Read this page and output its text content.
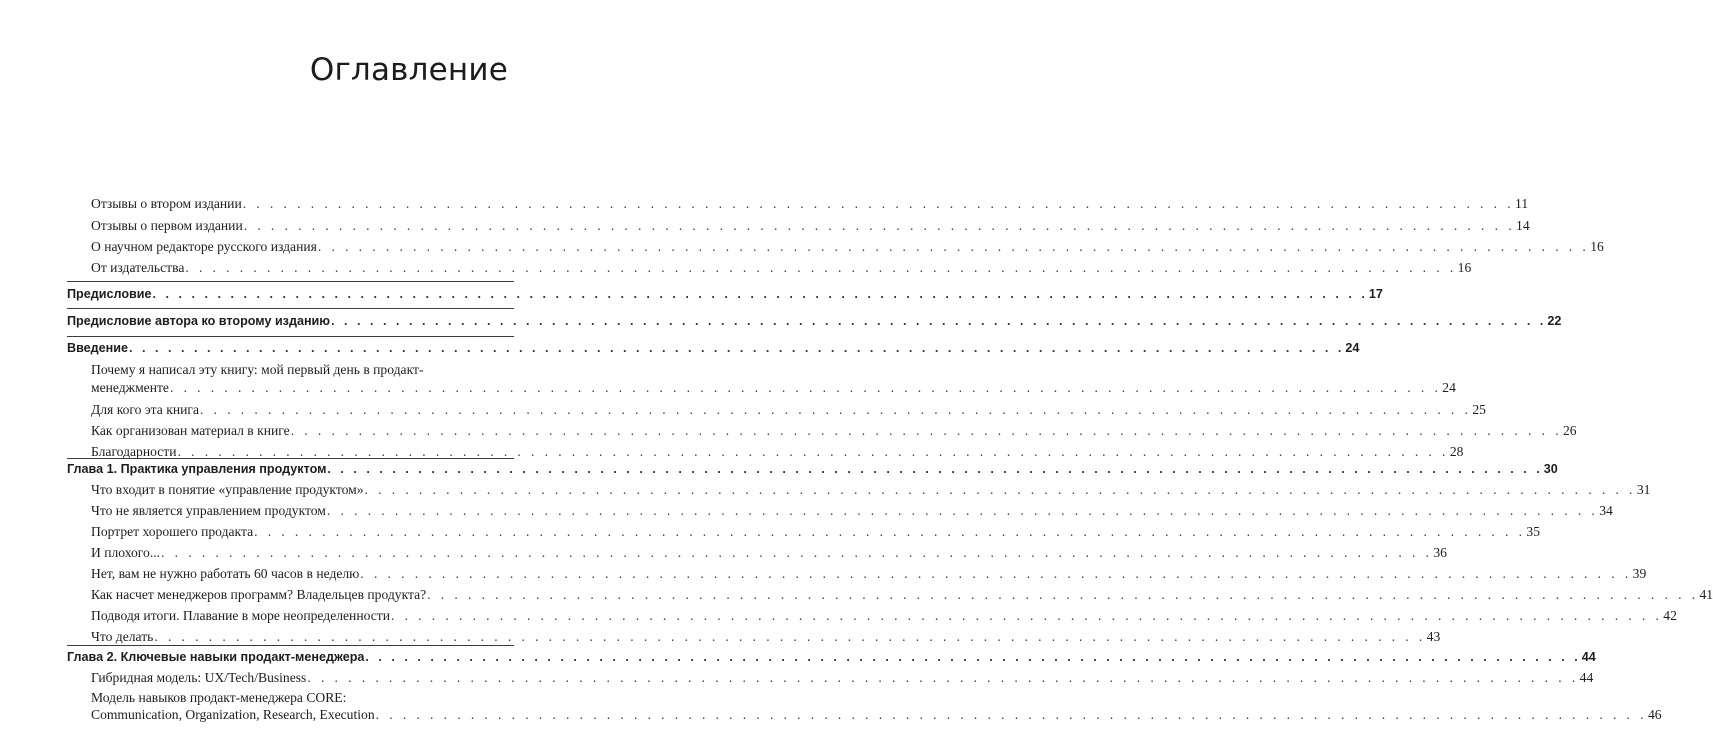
Оглавление
Отзывы о втором издании . . . . . . . . . . . . . . . . . . . . . . . . . . . . . . . . . . . . . . . . . . . . . . . . . . . . . . . . . . . . . . . . . . . . . . . . . . . . . . . . . . . . . . . . . . . . . . 11
Отзывы о первом издании . . . . . . . . . . . . . . . . . . . . . . . . . . . . . . . . . . . . . . . . . . . . . . . . . . . . . . . . . . . . . . . . . . . . . . . . . . . . . . . . . . . . . . . . . . . . . . 14
О научном редакторе русского издания . . . . . . . . . . . . . . . . . . . . . . . . . . . . . . . . . . . . . . . . . . . . . . . . . . . . . . . . . . . . . . . . . . . . . . . . . . . . . . . . . . . . . . . . . . . . . . 16
От издательства . . . . . . . . . . . . . . . . . . . . . . . . . . . . . . . . . . . . . . . . . . . . . . . . . . . . . . . . . . . . . . . . . . . . . . . . . . . . . . . . . . . . . . . . . . . . . . 16
Предисловие . . . . . . . . . . . . . . . . . . . . . . . . . . . . . . . . . . . . . . . . . . . . . . . . . . . . . . . . . . . . . . . . . . . . . . . . . . . . . . . . . . . . . . . . . . . . . . 17
Предисловие автора ко второму изданию . . . . . . . . . . . . . . . . . . . . . . . . . . . . . . . . . . . . . . . . . . . . . . . . . . . . . . . . . . . . . . . . . . . . . . . . . . . . . . . . . . . . . . . . . . . . . . 22
Введение . . . . . . . . . . . . . . . . . . . . . . . . . . . . . . . . . . . . . . . . . . . . . . . . . . . . . . . . . . . . . . . . . . . . . . . . . . . . . . . . . . . . . . . . . . . . . . 24
Почему я написал эту книгу: мой первый день в продакт-
менеджменте . . . . . . . . . . . . . . . . . . . . . . . . . . . . . . . . . . . . . . . . . . . . . . . . . . . . . . . . . . . . . . . . . . . . . . . . . . . . . . . . . . . . . . . . . . . . . . 24
Для кого эта книга . . . . . . . . . . . . . . . . . . . . . . . . . . . . . . . . . . . . . . . . . . . . . . . . . . . . . . . . . . . . . . . . . . . . . . . . . . . . . . . . . . . . . . . . . . . . . . 25
Как организован материал в книге . . . . . . . . . . . . . . . . . . . . . . . . . . . . . . . . . . . . . . . . . . . . . . . . . . . . . . . . . . . . . . . . . . . . . . . . . . . . . . . . . . . . . . . . . . . . . . 26
Благодарности . . . . . . . . . . . . . . . . . . . . . . . . . . . . . . . . . . . . . . . . . . . . . . . . . . . . . . . . . . . . . . . . . . . . . . . . . . . . . . . . . . . . . . . . . . . . . . 28
Глава 1. Практика управления продуктом . . . . . . . . . . . . . . . . . . . . . . . . . . . . . . . . . . . . . . . . . . . . . . . . . . . . . . . . . . . . . . . . . . . . . . . . . . . . . . . . . . . . . . . . . . . . . . 30
Что входит в понятие «управление продуктом» . . . . . . . . . . . . . . . . . . . . . . . . . . . . . . . . . . . . . . . . . . . . . . . . . . . . . . . . . . . . . . . . . . . . . . . . . . . . . . . . . . . . . . . . . . . . . . 31
Что не является управлением продуктом . . . . . . . . . . . . . . . . . . . . . . . . . . . . . . . . . . . . . . . . . . . . . . . . . . . . . . . . . . . . . . . . . . . . . . . . . . . . . . . . . . . . . . . . . . . . . . 34
Портрет хорошего продакта . . . . . . . . . . . . . . . . . . . . . . . . . . . . . . . . . . . . . . . . . . . . . . . . . . . . . . . . . . . . . . . . . . . . . . . . . . . . . . . . . . . . . . . . . . . . . . 35
И плохого... . . . . . . . . . . . . . . . . . . . . . . . . . . . . . . . . . . . . . . . . . . . . . . . . . . . . . . . . . . . . . . . . . . . . . . . . . . . . . . . . . . . . . . . . . . . . . . 36
Нет, вам не нужно работать 60 часов в неделю . . . . . . . . . . . . . . . . . . . . . . . . . . . . . . . . . . . . . . . . . . . . . . . . . . . . . . . . . . . . . . . . . . . . . . . . . . . . . . . . . . . . . . . . . . . . . . 39
Как насчет менеджеров программ? Владельцев продукта? . . . . . . . . . . . . . . . . . . . . . . . . . . . . . . . . . . . . . . . . . . . . . . . . . . . . . . . . . . . . . . . . . . . . . . . . . . . . . . . . . . . . . . . . . . . . . . 41
Подводя итоги. Плавание в море неопределенности . . . . . . . . . . . . . . . . . . . . . . . . . . . . . . . . . . . . . . . . . . . . . . . . . . . . . . . . . . . . . . . . . . . . . . . . . . . . . . . . . . . . . . . . . . . . . . 42
Что делать . . . . . . . . . . . . . . . . . . . . . . . . . . . . . . . . . . . . . . . . . . . . . . . . . . . . . . . . . . . . . . . . . . . . . . . . . . . . . . . . . . . . . . . . . . . . . . 43
Глава 2. Ключевые навыки продакт-менеджера . . . . . . . . . . . . . . . . . . . . . . . . . . . . . . . . . . . . . . . . . . . . . . . . . . . . . . . . . . . . . . . . . . . . . . . . . . . . . . . . . . . . . . . . . . . . . . 44
Гибридная модель: UX/Tech/Business . . . . . . . . . . . . . . . . . . . . . . . . . . . . . . . . . . . . . . . . . . . . . . . . . . . . . . . . . . . . . . . . . . . . . . . . . . . . . . . . . . . . . . . . . . . . . . 44
Модель навыков продакт-менеджера CORE:
Communication, Organization, Research, Execution . . . . . . . . . . . . . . . . . . . . . . . . . . . . . . . . . . . . . . . . . . . . . . . . . . . . . . . . . . . . . . . . . . . . . . . . . . . . . . . . . . . . . . . . . . . . . . 46
